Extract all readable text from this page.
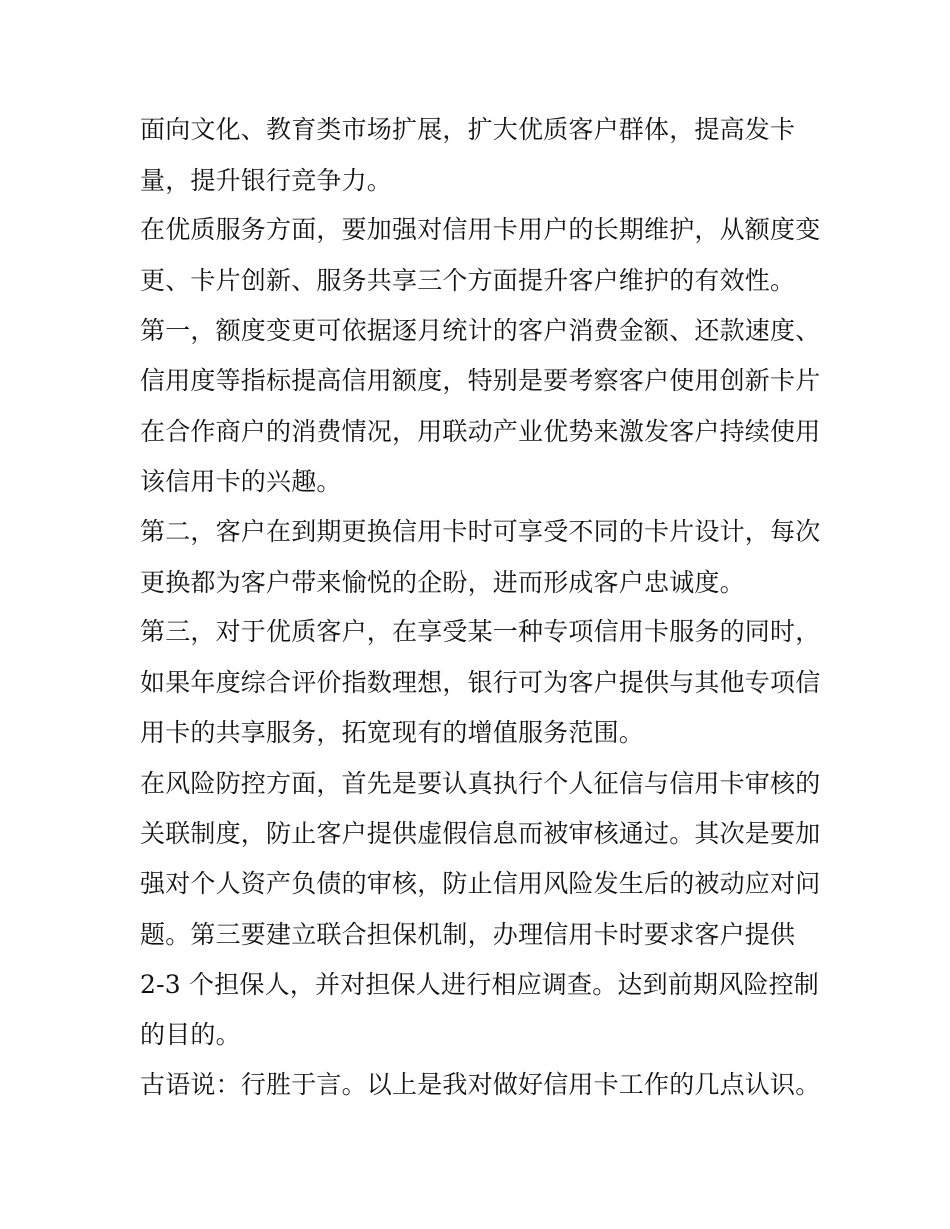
面向文化、教育类市场扩展，扩大优质客户群体，提高发卡
量，提升银行竞争力。
在优质服务方面，要加强对信用卡用户的长期维护，从额度变
更、卡片创新、服务共享三个方面提升客户维护的有效性。
第一，额度变更可依据逐月统计的客户消费金额、还款速度、
信用度等指标提高信用额度，特别是要考察客户使用创新卡片
在合作商户的消费情况，用联动产业优势来激发客户持续使用
该信用卡的兴趣。
第二，客户在到期更换信用卡时可享受不同的卡片设计，每次
更换都为客户带来愉悦的企盼，进而形成客户忠诚度。
第三，对于优质客户，在享受某一种专项信用卡服务的同时，
如果年度综合评价指数理想，银行可为客户提供与其他专项信
用卡的共享服务，拓宽现有的增值服务范围。
在风险防控方面，首先是要认真执行个人征信与信用卡审核的
关联制度，防止客户提供虚假信息而被审核通过。其次是要加
强对个人资产负债的审核，防止信用风险发生后的被动应对问
题。第三要建立联合担保机制，办理信用卡时要求客户提供
2-3 个担保人，并对担保人进行相应调查。达到前期风险控制
的目的。
古语说：行胜于言。以上是我对做好信用卡工作的几点认识。
